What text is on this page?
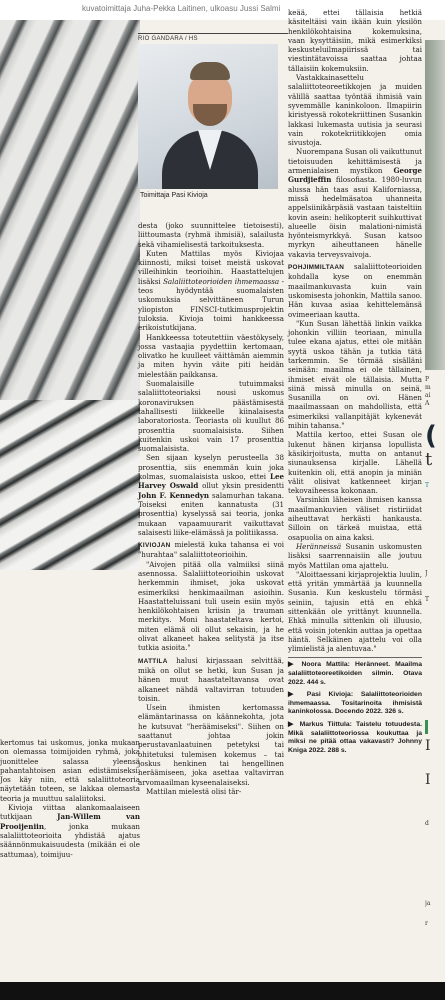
kuvatoimittaja Juha-Pekka Laitinen, ulkoasu Jussi Salmi
RIO GANDARA / HS
Toimittaja Pasi Kivioja

desta (joko suunnittelee tietoisesti), liittoumasta (ryhmä ihmisiä), salailusta sekä vihamielisestä tarkoituksesta.

Kuten Mattilas myös Kiviojaa kiinnosti, miksi toiset meistä uskovat villeihinkin teorioihin. Haastattelujen lisäksi Salaliittoteorioiden ihmemaassa -teos hyödyntää suomalaisten uskomuksia selvittäneen Turun yliopiston FINSCI-tutkimusprojektin tuloksia. Kivioja toimi hankkeessa erikoistutkijana.

Hankkeessa toteutettiin väestökysely, jossa vastaajia pyydettiin kertomaan, olivatko he kuulleet väittämän aiemmin ja miten hyvin väite piti heidän mielestään paikkansa.

Suomalaisille tutuimmaksi salaliittoteoriaksi nousi uskomus koronaviruksen päästämisestä tahallisesti liikkeelle kiinalaisesta laboratoriosta. Teoriasta oli kuullut 86 prosenttia suomalaisista. Siihen kuitenkin uskoi vain 17 prosenttia suomalaisista.

Sen sijaan kyselyn perusteella 38 prosenttia, siis enemmän kuin joka kolmas, suomalaisista uskoo, ettei Lee Harvey Oswald ollut yksin presidentti John F. Kennedyn salamurhan takana. Toiseksi eniten kannatusta (31 prosenttia) kyselyssä sai teoria, jonka mukaan vapaamuurarit vaikuttavat salaisesti liike-elämässä ja politiikassa.

KIVIOJAN mielestä kuka tahansa ei voi "hurahtaa" salaliittoteorioihin.

"Aivojen pitää olla valmiiksi siinä asennossa. Salaliittoteorioihin uskovat herkemmin ihmiset, joka uskovat esimerkiksi henkimaailman asioihin. Haastatteluissani tuli usein esiin myös henkilökohtaisen kriisin ja trauman merkitys. Moni haastateltava kertoi, miten elämä oli ollut sekaisin, ja he olivat alkaneet hakea selitystä ja itse tutkia asioita."

MATTILA halusi kirjassaan selvittää, mikä on ollut se hetki, kun Susan ja hänen muut haastateltavansa ovat alkaneet nähdä valtavirran totuuden toisin.

Usein ihmisten kertomassa elämäntarinassa on käännekohta, jota he kutsuvat "heräämiseksi". Siihen on saattanut johtaa jokin perustavanlaatuinen petetyksi tai ohitetuksi tulemisen kokemus – tai joskus henkinen tai hengellinen heräämiseen, joka asettaa valtavirran arvomaailman kyseenalaiseksi.

Mattilan mielestä olisi tär-

keää, ettei tällaisia hetkiä käsiteltäisi vain ikään kuin yksilön henkilökohtaisina kokemuksina, vaan kysyttäisiin, mikä esimerkiksi keskusteluilmapiirissä tai viestintätavoissa saattaa johtaa tällaisiin kokemuksiin.

Vastakkainasettelu salaliittoteoreetikkojen ja muiden välillä saattaa työntää ihmisiä vain syvemmälle kaninkoloon. Ilmapiirin kiristyessä rokotekriittinen Susankin lakkasi lukemasta uutisia ja seurasi vain rokotekriitikkojen omia sivustoja.

Nuorempana Susan oli vaikuttunut tietoisuuden kehittämisestä ja armenialaisen mystikon George Gurdjieffin filosofiasta. 1980-luvun alussa hän taas asui Kaliforniassa, missä hedelmäsatoa uhanneita appelsiinikärpäsiä vastaan taisteltiin kovin asein: helikopterit suihkuttivat alueelle öisin malationi-nimistä hyönteismyrkkyä. Susan katsoo myrkyn aiheuttaneen hänelle vakavia terveysvaivoja.

POHJIMMILTAAN salaliittoteorioiden kohdalla kyse on enemmän maailmankuvasta kuin vain uskomisesta johonkin, Mattila sanoo. Hän kuvaa asiaa kehittelemänsä ovimeeriaan kautta.

"Kun Susan lähettää linkin vaikka johonkin villiin teoriaan, minulla tulee ekana ajatus, ettei ole mitään syytä uskoa tähän ja tutkia tätä tarkemmin. Se tõrmää sisälläni seinään: maailma ei ole tällainen, ihmiset eivät ole tällaisia. Mutta siinä missä minulla on seinä, Susanilla on ovi. Hänen maailmassaan on mahdollista, että esimerkiksi vallanpitäjät kykenevät mihin tahansa."

Mattila kertoo, ettei Susan ole lukenut hänen kirjansa lopullista käsikirjoitusta, mutta on antanut siunauksensa kirjalle. Lähellä kuitenkin oli, että anopin ja miniän välit olisivat katkenneet kirjan tekovaiheessa kokonaan.

Varsinkin läheisen ihmisen kanssa maailmankuvien väliset ristiriidat aiheuttavat herkästi hankausta. Silloin on tärkeä muistaa, että osapuolia on aina kaksi.

Heränneissä Susanin uskomusten lisäksi saarrennaisiin alle joutuu myös Mattilan oma ajattelu.

"Aloittaessani kirjaprojektia luulin, että yritän ymmärtää ja kuunnella Susania. Kun keskustelu törmäsi seiniin, tajusin että en ehkä sittenkään ole yrittänyt kuunnella. Ehkä minulla sittenkin oli illuusio, että voisin jotenkin auttaa ja opettaa häntä. Selkäinen ajattelu voi olla ylimielistä ja alentuvaa."

▶ Noora Mattila: Heränneet. Maailma salaliittoteoreetikoiden silmin. Otava 2022. 444 s.

▶ Pasi Kivioja: Salaliittoteorioiden ihmemaassa. Tositarinoita ihmisistä kaninkolossa. Docendo 2022. 326 s.

▶ Markus Tiittula: Taistelu totuudesta. Mikä salaliittoteoriossa koukuttaa ja miksi ne pitää ottaa vakavasti? Johnny Kniga 2022. 288 s.

kertomus tai uskomus, jonka mukaan on olemassa toimijoiden ryhmä, joka juonittelee salassa yleensä pahantahtoisen asian edistämiseksi. Jos käy niin, että salaliittoteoria näytetään toteen, se lakkaa olemasta teoria ja muuttuu salaliitoksi.

Kivioja viittaa alankomaalaiseen tutkijaan Jan-Willem van Prooijeniin, jonka mukaan salaliittoteorioita yhdistää ajatus säännönmukaisuudesta (mikään ei ole sattumaa), toimijuu-

(
P
m
ai
A
t
T
J
T
I
I
d
ja
r
